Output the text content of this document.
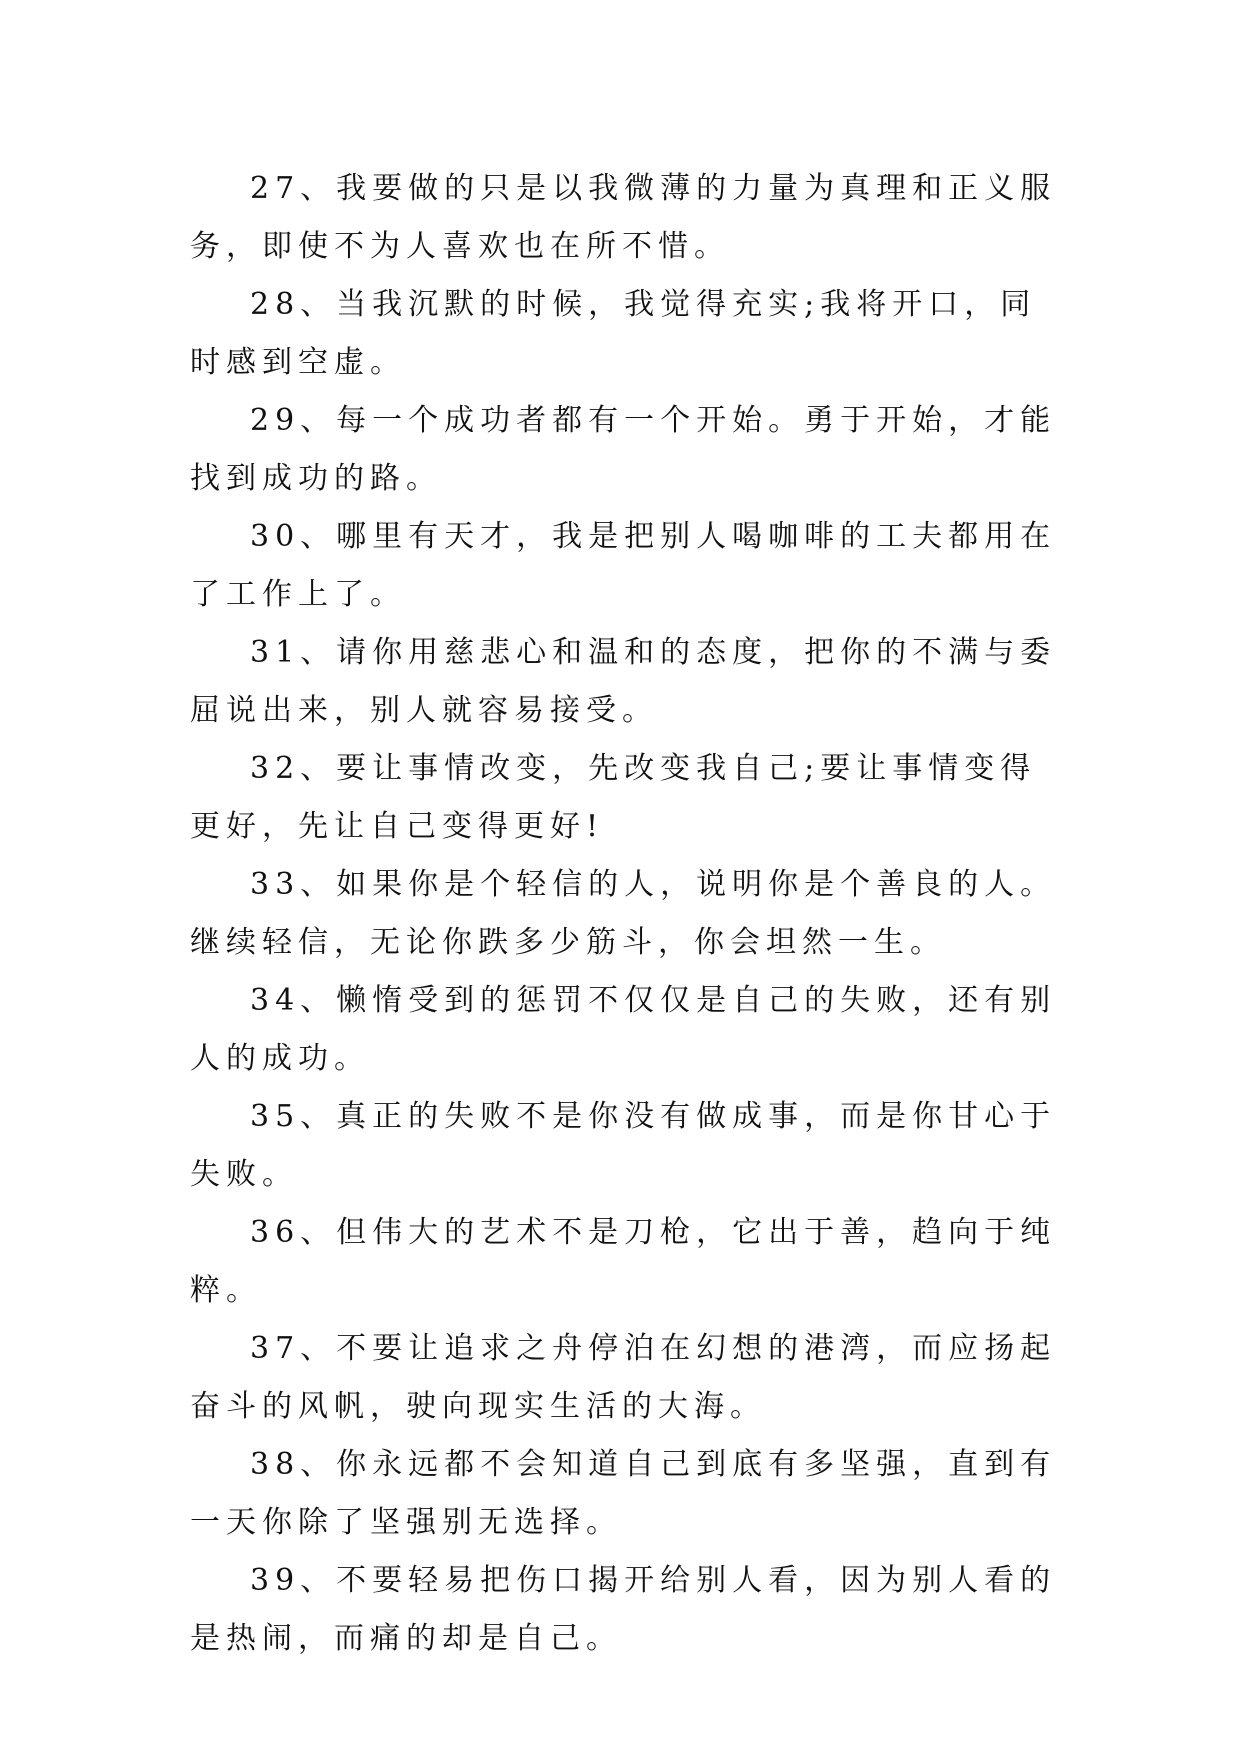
27、我要做的只是以我微薄的力量为真理和正义服务，即使不为人喜欢也在所不惜。

28、当我沉默的时候，我觉得充实;我将开口，同时感到空虚。

29、每一个成功者都有一个开始。勇于开始，才能找到成功的路。

30、哪里有天才，我是把别人喝咖啡的工夫都用在了工作上了。

31、请你用慈悲心和温和的态度，把你的不满与委屈说出来，别人就容易接受。

32、要让事情改变，先改变我自己;要让事情变得更好，先让自己变得更好!

33、如果你是个轻信的人，说明你是个善良的人。继续轻信，无论你跌多少筋斗，你会坦然一生。

34、懒惰受到的惩罚不仅仅是自己的失败，还有别人的成功。

35、真正的失败不是你没有做成事，而是你甘心于失败。

36、但伟大的艺术不是刀枪，它出于善，趋向于纯粹。

37、不要让追求之舟停泊在幻想的港湾，而应扬起奋斗的风帆，驶向现实生活的大海。

38、你永远都不会知道自己到底有多坚强，直到有一天你除了坚强别无选择。

39、不要轻易把伤口揭开给别人看，因为别人看的是热闹，而痛的却是自己。
